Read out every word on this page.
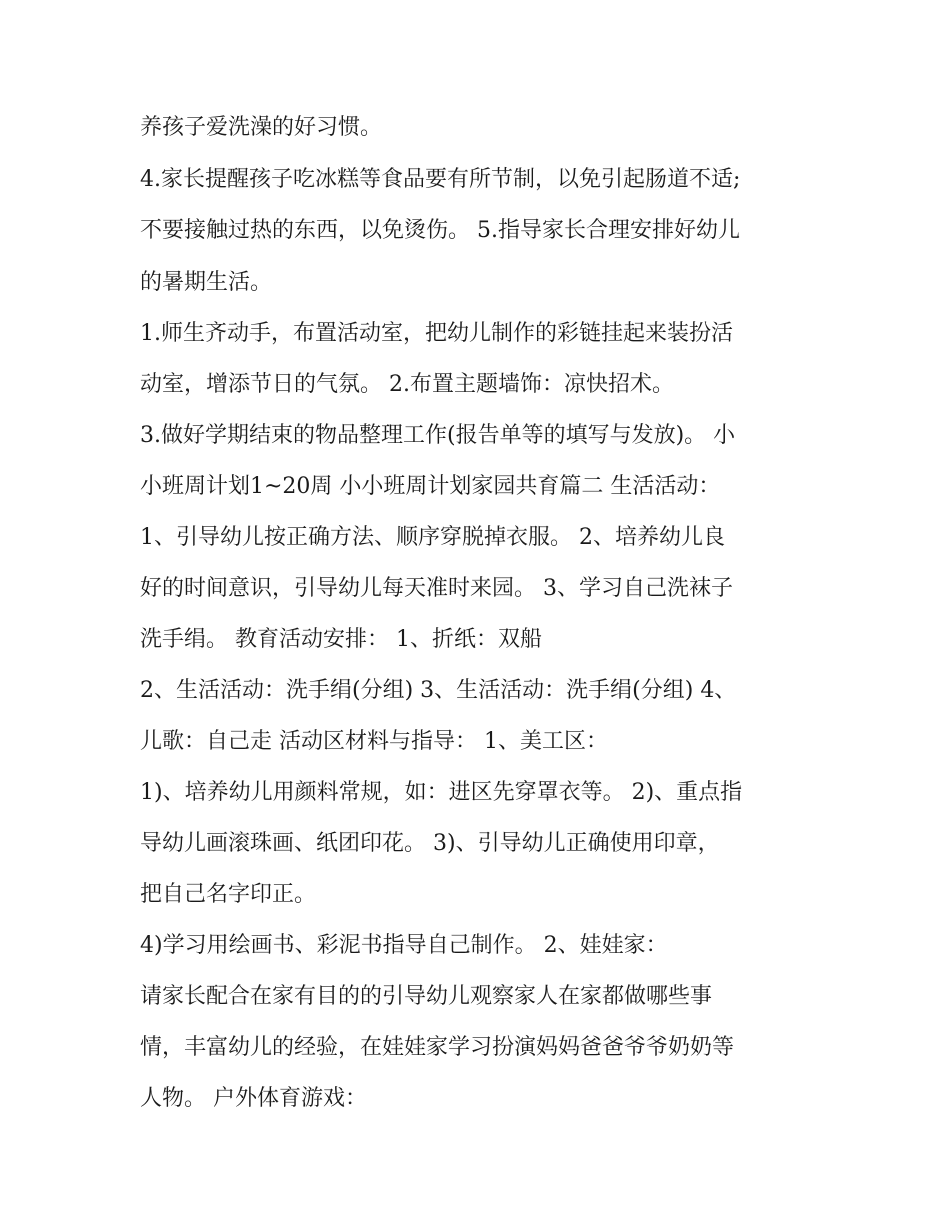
养孩子爱洗澡的好习惯。
4.家长提醒孩子吃冰糕等食品要有所节制，以免引起肠道不适;
不要接触过热的东西，以免烫伤。 5.指导家长合理安排好幼儿
的暑期生活。
1.师生齐动手，布置活动室，把幼儿制作的彩链挂起来装扮活
动室，增添节日的气氛。 2.布置主题墙饰：凉快招术。
3.做好学期结束的物品整理工作(报告单等的填写与发放)。 小
小班周计划1~20周 小小班周计划家园共育篇二 生活活动：
1、引导幼儿按正确方法、顺序穿脱掉衣服。 2、培养幼儿良
好的时间意识，引导幼儿每天准时来园。 3、学习自己洗袜子
洗手绢。 教育活动安排： 1、折纸：双船
2、生活活动：洗手绢(分组) 3、生活活动：洗手绢(分组) 4、
儿歌：自己走 活动区材料与指导： 1、美工区：
1)、培养幼儿用颜料常规，如：进区先穿罩衣等。 2)、重点指
导幼儿画滚珠画、纸团印花。 3)、引导幼儿正确使用印章，
把自己名字印正。
4)学习用绘画书、彩泥书指导自己制作。 2、娃娃家：
请家长配合在家有目的的引导幼儿观察家人在家都做哪些事
情，丰富幼儿的经验，在娃娃家学习扮演妈妈爸爸爷爷奶奶等
人物。 户外体育游戏：
